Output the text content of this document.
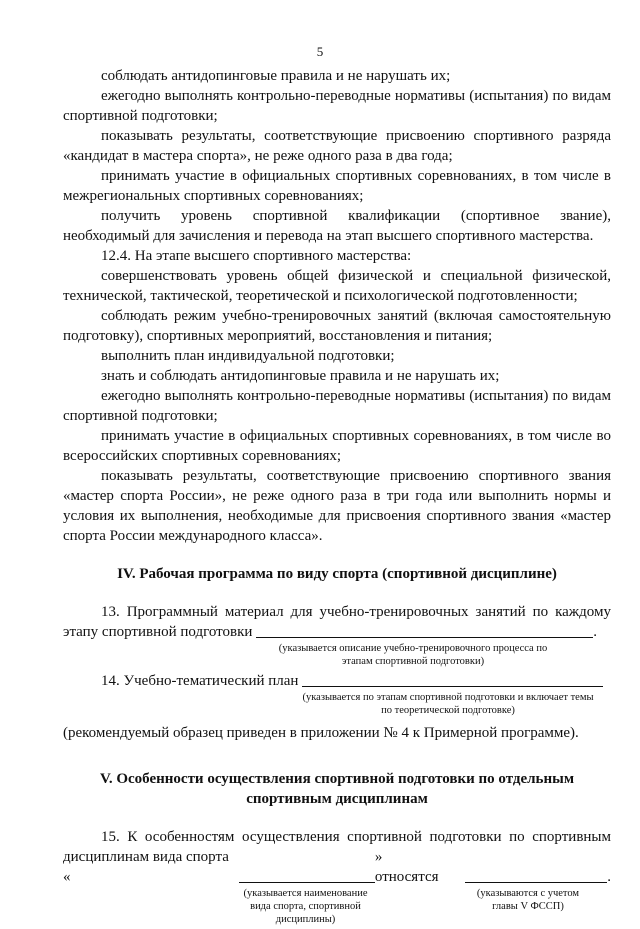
5

соблюдать антидопинговые правила и не нарушать их;

ежегодно выполнять контрольно-переводные нормативы (испытания) по видам спортивной подготовки;

показывать результаты, соответствующие присвоению спортивного разряда «кандидат в мастера спорта», не реже одного раза в два года;

принимать участие в официальных спортивных соревнованиях, в том числе в межрегиональных спортивных соревнованиях;

получить уровень спортивной квалификации (спортивное звание), необходимый для зачисления и перевода на этап высшего спортивного мастерства.

12.4. На этапе высшего спортивного мастерства:

совершенствовать уровень общей физической и специальной физической, технической, тактической, теоретической и психологической подготовленности;

соблюдать режим учебно-тренировочных занятий (включая самостоятельную подготовку), спортивных мероприятий, восстановления и питания;

выполнить план индивидуальной подготовки;

знать и соблюдать антидопинговые правила и не нарушать их;

ежегодно выполнять контрольно-переводные нормативы (испытания) по видам спортивной подготовки;

принимать участие в официальных спортивных соревнованиях, в том числе во всероссийских спортивных соревнованиях;

показывать результаты, соответствующие присвоению спортивного звания «мастер спорта России», не реже одного раза в три года или выполнить нормы и условия их выполнения, необходимые для присвоения спортивного звания «мастер спорта России международного класса».

IV. Рабочая программа по виду спорта (спортивной дисциплине)

13. Программный материал для учебно-тренировочных занятий по каждому

этапу спортивной подготовки	.
(указывается описание учебно-тренировочного процесса по этапам спортивной подготовки)
14. Учебно-тематический план
(указывается по этапам спортивной подготовки и включает темы по теоретической подготовке)

(рекомендуемый образец приведен в приложении № 4 к Примерной программе).

V. Особенности осуществления спортивной подготовки по отдельным спортивным дисциплинам

15. К особенностям осуществления спортивной подготовки по спортивным

дисциплинам вида спорта «
» относятся	.
(указывается наименование вида спорта, спортивной дисциплины)
(указываются с учетом главы V ФССП)
